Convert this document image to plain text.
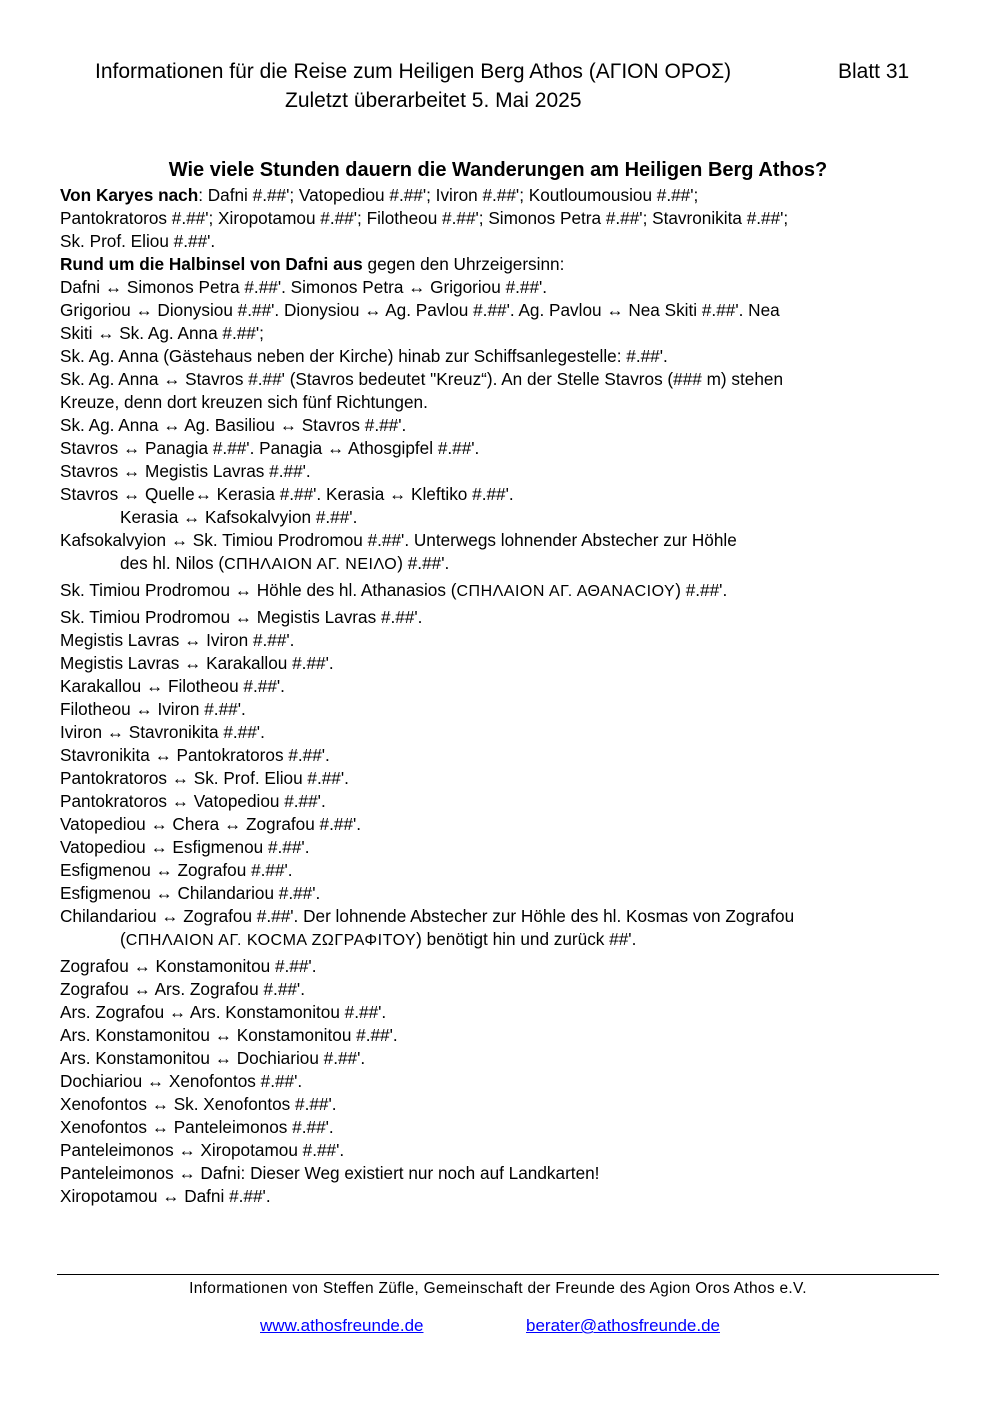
Informationen für die Reise zum Heiligen Berg Athos (ΑΓΙΟΝ ΟΡΟΣ)	Blatt 31
Zuletzt überarbeitet 5. Mai 2025
Wie viele Stunden dauern die Wanderungen am Heiligen Berg Athos?

Von Karyes nach: Dafni #.##'; Vatopediou #.##'; Iviron #.##'; Koutloumousiou #.##';

Pantokratoros #.##'; Xiropotamou #.##'; Filotheou #.##'; Simonos Petra #.##'; Stavronikita #.##';

Sk. Prof. Eliou #.##'.

Rund um die Halbinsel von Dafni aus gegen den Uhrzeigersinn:

Dafni ↔ Simonos Petra #.##'. Simonos Petra ↔ Grigoriou #.##'.

Grigoriou ↔ Dionysiou #.##'. Dionysiou ↔ Ag. Pavlou #.##'. Ag. Pavlou ↔ Nea Skiti #.##'. Nea

Skiti ↔ Sk. Ag. Anna #.##';

Sk. Ag. Anna (Gästehaus neben der Kirche) hinab zur Schiffsanlegestelle: #.##'.

Sk. Ag. Anna ↔ Stavros #.##' (Stavros bedeutet "Kreuz“). An der Stelle Stavros (### m) stehen

Kreuze, denn dort kreuzen sich fünf Richtungen.

Sk. Ag. Anna ↔ Ag. Basiliou ↔ Stavros #.##'.

Stavros ↔ Panagia #.##'. Panagia ↔ Athosgipfel #.##'.

Stavros ↔ Megistis Lavras #.##'.

Stavros ↔ Quelle↔ Kerasia #.##'. Kerasia ↔ Kleftiko #.##'.

Kerasia ↔ Kafsokalvyion #.##'.

Kafsokalvyion ↔ Sk. Timiou Prodromou #.##'. Unterwegs lohnender Abstecher zur Höhle

des hl. Nilos (ϹΠΗΛΑΙΟΝ ΑΓ. ΝΕΙΛΟ) #.##'.

Sk. Timiou Prodromou ↔ Höhle des hl. Athanasios (ϹΠΗΛΑΙΟΝ ΑΓ. ΑΘΑΝΑϹΙΟΥ) #.##'.

Sk. Timiou Prodromou ↔ Megistis Lavras #.##'.

Megistis Lavras ↔ Iviron #.##'.

Megistis Lavras ↔ Karakallou #.##'.

Karakallou ↔ Filotheou #.##'.

Filotheou ↔ Iviron #.##'.

Iviron ↔ Stavronikita #.##'.

Stavronikita ↔ Pantokratoros #.##'.

Pantokratoros ↔ Sk. Prof. Eliou #.##'.

Pantokratoros ↔ Vatopediou #.##'.

Vatopediou ↔ Chera ↔ Zografou #.##'.

Vatopediou ↔ Esfigmenou #.##'.

Esfigmenou ↔ Zografou #.##'.

Esfigmenou ↔ Chilandariou #.##'.

Chilandariou ↔ Zografou #.##'. Der lohnende Abstecher zur Höhle des hl. Kosmas von Zografou

(ϹΠΗΛΑΙΟΝ ΑΓ. ΚΟϹΜΑ ΖΩΓΡΑΦΙΤΟΥ) benötigt hin und zurück ##'.

Zografou ↔ Konstamonitou #.##'.

Zografou ↔ Ars. Zografou #.##'.

Ars. Zografou ↔ Ars. Konstamonitou #.##'.

Ars. Konstamonitou ↔ Konstamonitou #.##'.

Ars. Konstamonitou ↔ Dochiariou #.##'.

Dochiariou ↔ Xenofontos #.##'.

Xenofontos ↔ Sk. Xenofontos #.##'.

Xenofontos ↔ Panteleimonos #.##'.

Panteleimonos ↔ Xiropotamou #.##'.

Panteleimonos ↔ Dafni: Dieser Weg existiert nur noch auf Landkarten!

Xiropotamou ↔ Dafni #.##'.

Informationen von Steffen Züfle, Gemeinschaft der Freunde des Agion Oros Athos e.V.
www.athosfreunde.de	berater@athosfreunde.de
